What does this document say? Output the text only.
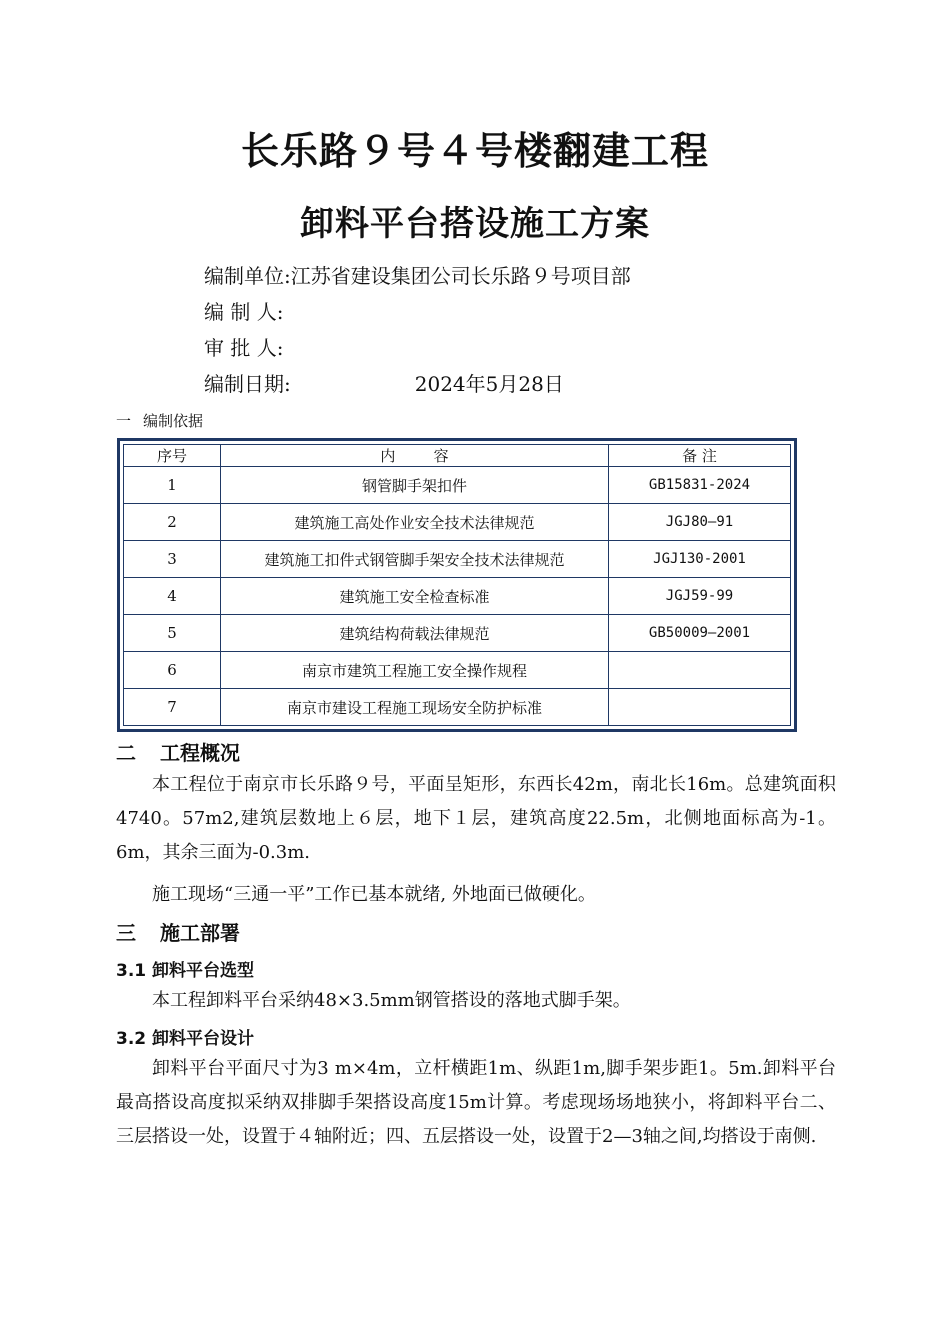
长乐路９号４号楼翻建工程
卸料平台搭设施工方案
编制单位:江苏省建设集团公司长乐路９号项目部
编 制 人:
审 批 人:
编制日期:	2024年5月28日
一 编制依据
序号	内        容	备 注
1	钢管脚手架扣件	GB15831-2024
2	建筑施工高处作业安全技术法律规范	JGJ80—91
3	建筑施工扣件式钢管脚手架安全技术法律规范	JGJ130-2001
4	建筑施工安全检查标准	JGJ59-99
5	建筑结构荷载法律规范	GB50009—2001
6	南京市建筑工程施工安全操作规程	
7	南京市建设工程施工现场安全防护标准	
二 工程概况
本工程位于南京市长乐路９号，平面呈矩形，东西长42m，南北长16m。总建筑面积4740。57m2,建筑层数地上６层，地下１层，建筑高度22.5m，北侧地面标高为-1。6m，其余三面为-0.3m.
施工现场“三通一平”工作已基本就绪, 外地面已做硬化。
三 施工部署
3.1 卸料平台选型
本工程卸料平台采纳48×3.5mm钢管搭设的落地式脚手架。
3.2 卸料平台设计
卸料平台平面尺寸为3 m×4m，立杆横距1m、纵距1m,脚手架步距1。5m.卸料平台最高搭设高度拟采纳双排脚手架搭设高度15m计算。考虑现场场地狭小，将卸料平台二、三层搭设一处，设置于４轴附近；四、五层搭设一处，设置于2—3轴之间,均搭设于南侧.
